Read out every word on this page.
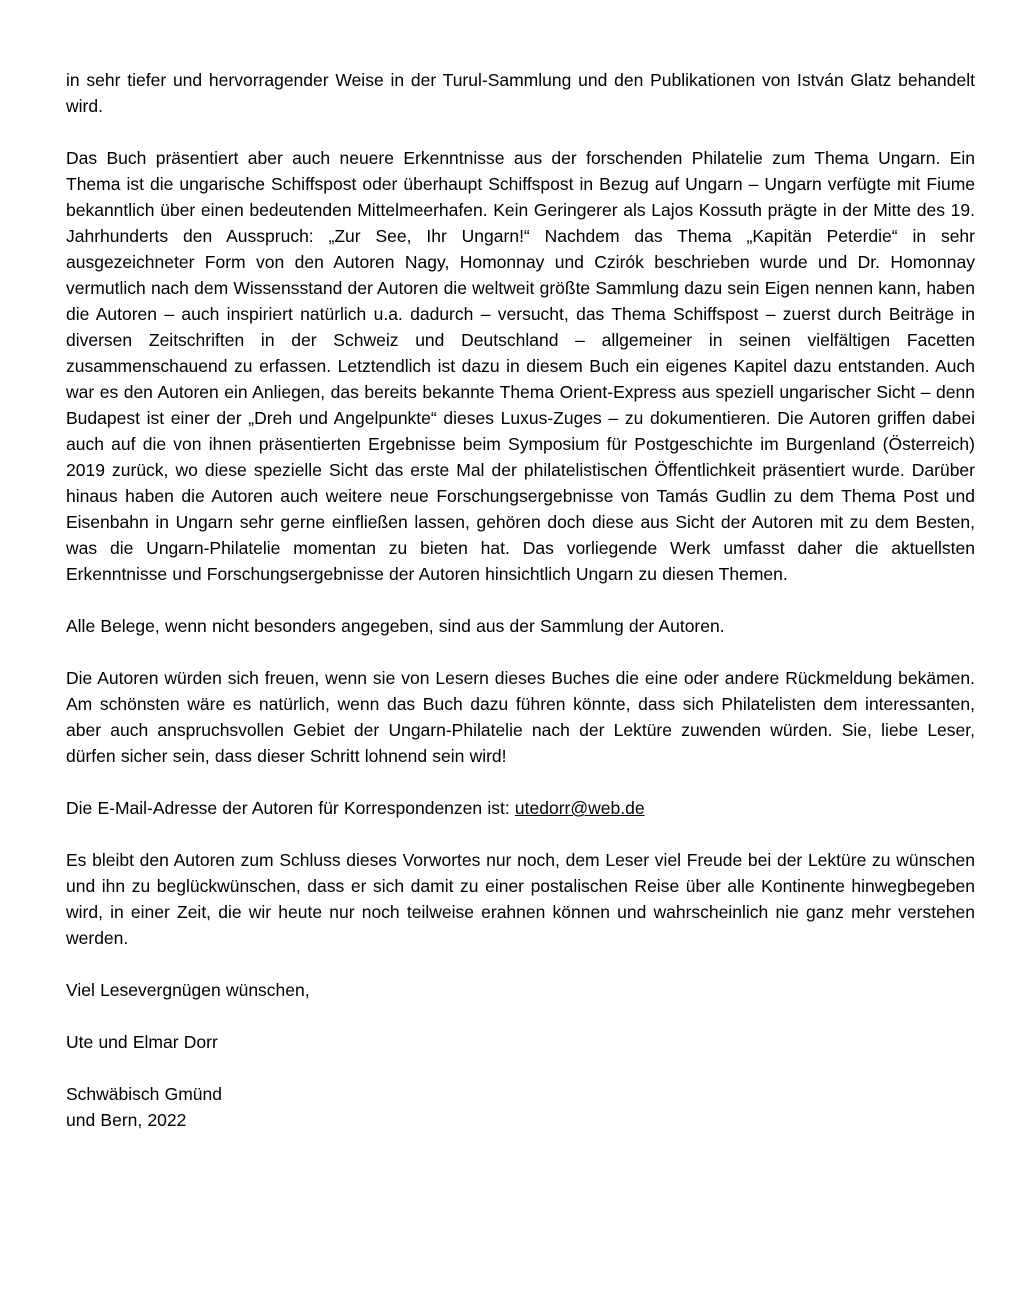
in sehr tiefer und hervorragender Weise in der Turul-Sammlung und den Publikationen von István Glatz behandelt wird.

Das Buch präsentiert aber auch neuere Erkenntnisse aus der forschenden Philatelie zum Thema Ungarn. Ein Thema ist die ungarische Schiffspost oder überhaupt Schiffspost in Bezug auf Ungarn – Ungarn verfügte mit Fiume bekanntlich über einen bedeutenden Mittelmeerhafen. Kein Geringerer als Lajos Kossuth prägte in der Mitte des 19. Jahrhunderts den Ausspruch: „Zur See, Ihr Ungarn!“ Nachdem das Thema „Kapitän Peterdie“ in sehr ausgezeichneter Form von den Autoren Nagy, Homonnay und Czirók beschrieben wurde und Dr. Homonnay vermutlich nach dem Wissensstand der Autoren die weltweit größte Sammlung dazu sein Eigen nennen kann, haben die Autoren – auch inspiriert natürlich u.a. dadurch – versucht, das Thema Schiffspost – zuerst durch Beiträge in diversen Zeitschriften in der Schweiz und Deutschland – allgemeiner in seinen vielfältigen Facetten zusammenschauend zu erfassen. Letztendlich ist dazu in diesem Buch ein eigenes Kapitel dazu entstanden. Auch war es den Autoren ein Anliegen, das bereits bekannte Thema Orient-Express aus speziell ungarischer Sicht – denn Budapest ist einer der „Dreh und Angelpunkte“ dieses Luxus-Zuges – zu dokumentieren. Die Autoren griffen dabei auch auf die von ihnen präsentierten Ergebnisse beim Symposium für Postgeschichte im Burgenland (Österreich) 2019 zurück, wo diese spezielle Sicht das erste Mal der philatelistischen Öffentlichkeit präsentiert wurde. Darüber hinaus haben die Autoren auch weitere neue Forschungsergebnisse von Tamás Gudlin zu dem Thema Post und Eisenbahn in Ungarn sehr gerne einfließen lassen, gehören doch diese aus Sicht der Autoren mit zu dem Besten, was die Ungarn-Philatelie momentan zu bieten hat. Das vorliegende Werk umfasst daher die aktuellsten Erkenntnisse und Forschungsergebnisse der Autoren hinsichtlich Ungarn zu diesen Themen.

Alle Belege, wenn nicht besonders angegeben, sind aus der Sammlung der Autoren.

Die Autoren würden sich freuen, wenn sie von Lesern dieses Buches die eine oder andere Rückmeldung bekämen. Am schönsten wäre es natürlich, wenn das Buch dazu führen könnte, dass sich Philatelisten dem interessanten, aber auch anspruchsvollen Gebiet der Ungarn-Philatelie nach der Lektüre zuwenden würden. Sie, liebe Leser, dürfen sicher sein, dass dieser Schritt lohnend sein wird!

Die E-Mail-Adresse der Autoren für Korrespondenzen ist: utedorr@web.de

Es bleibt den Autoren zum Schluss dieses Vorwortes nur noch, dem Leser viel Freude bei der Lektüre zu wünschen und ihn zu beglückwünschen, dass er sich damit zu einer postalischen Reise über alle Kontinente hinwegbegeben wird, in einer Zeit, die wir heute nur noch teilweise erahnen können und wahrscheinlich nie ganz mehr verstehen werden.

Viel Lesevergnügen wünschen,

Ute und Elmar Dorr

Schwäbisch Gmünd

und Bern, 2022
